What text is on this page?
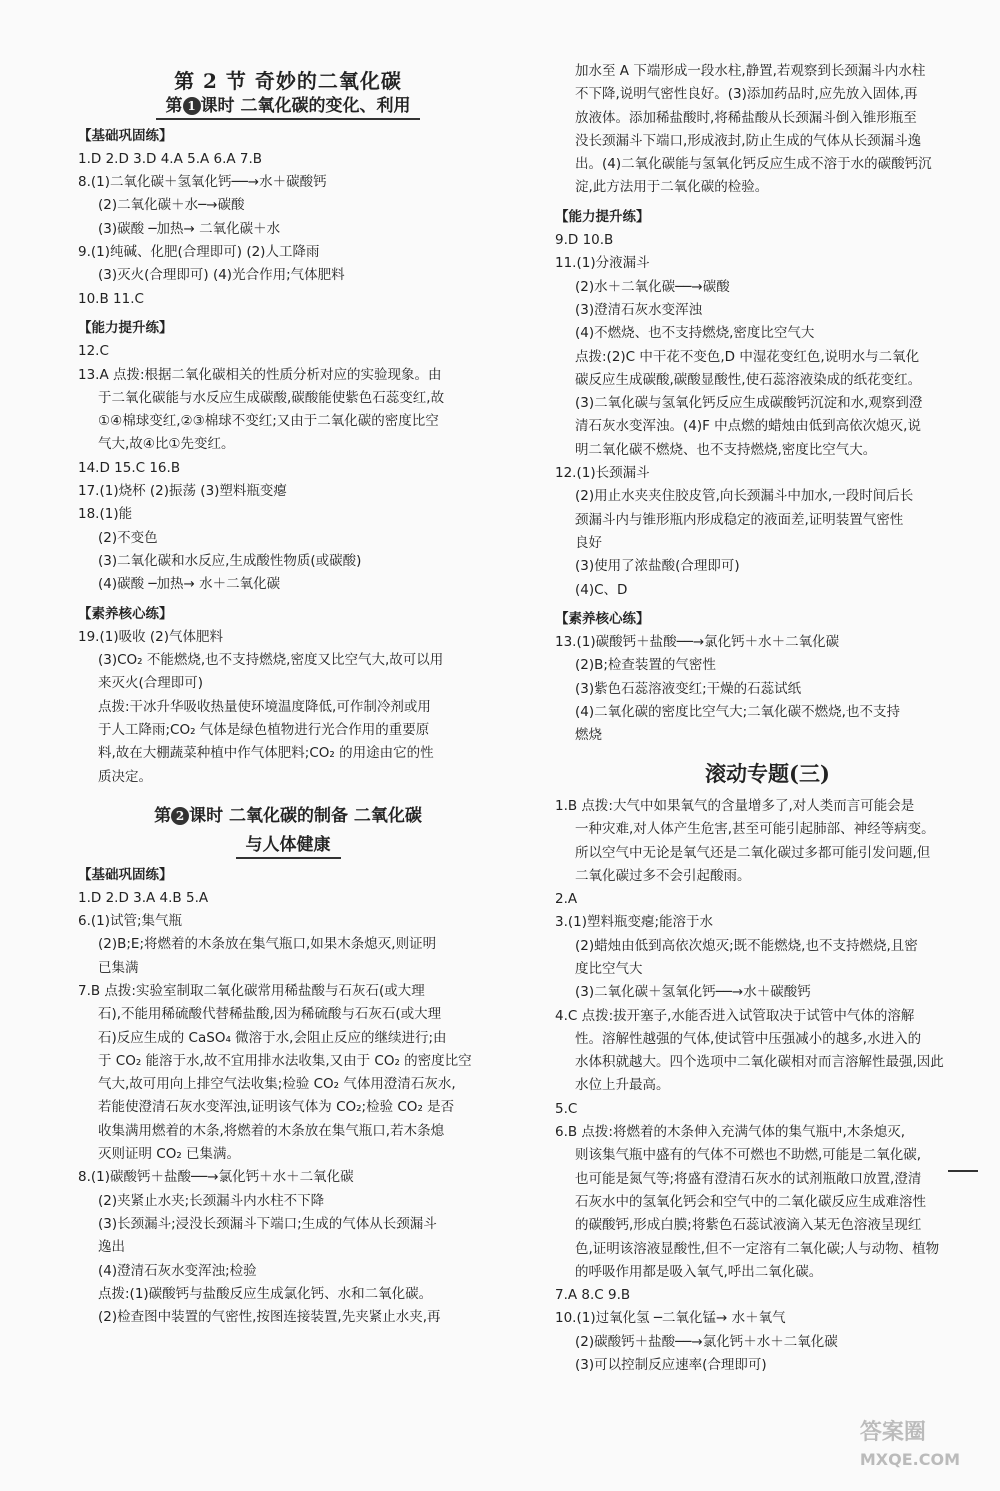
第 2 节 奇妙的二氧化碳
第 1 课时 二氧化碳的变化、利用
【基础巩固练】
1.D 2.D 3.D 4.A 5.A 6.A 7.B
8.(1)二氧化碳＋氢氧化钙──→水＋碳酸钙
(2)二氧化碳＋水─→碳酸
(3)碳酸 ─加热→ 二氧化碳＋水
9.(1)纯碱、化肥(合理即可) (2)人工降雨
(3)灭火(合理即可) (4)光合作用;气体肥料
10.B 11.C
【能力提升练】
12.C
13.A 点拨:根据二氧化碳相关的性质分析对应的实验现象。由
于二氧化碳能与水反应生成碳酸,碳酸能使紫色石蕊变红,故
①④棉球变红,②③棉球不变红;又由于二氧化碳的密度比空
气大,故④比①先变红。
14.D 15.C 16.B
17.(1)烧杯 (2)振荡 (3)塑料瓶变瘪
18.(1)能
(2)不变色
(3)二氧化碳和水反应,生成酸性物质(或碳酸)
(4)碳酸 ─加热→ 水＋二氧化碳
【素养核心练】
19.(1)吸收 (2)气体肥料
(3)CO₂ 不能燃烧,也不支持燃烧,密度又比空气大,故可以用
来灭火(合理即可)
点拨:干冰升华吸收热量使环境温度降低,可作制冷剂或用
于人工降雨;CO₂ 气体是绿色植物进行光合作用的重要原
料,故在大棚蔬菜种植中作气体肥料;CO₂ 的用途由它的性
质决定。
第 2 课时 二氧化碳的制备 二氧化碳
与人体健康
【基础巩固练】
1.D 2.D 3.A 4.B 5.A
6.(1)试管;集气瓶
(2)B;E;将燃着的木条放在集气瓶口,如果木条熄灭,则证明
已集满
7.B 点拨:实验室制取二氧化碳常用稀盐酸与石灰石(或大理
石),不能用稀硫酸代替稀盐酸,因为稀硫酸与石灰石(或大理
石)反应生成的 CaSO₄ 微溶于水,会阻止反应的继续进行;由
于 CO₂ 能溶于水,故不宜用排水法收集,又由于 CO₂ 的密度比空
气大,故可用向上排空气法收集;检验 CO₂ 气体用澄清石灰水,
若能使澄清石灰水变浑浊,证明该气体为 CO₂;检验 CO₂ 是否
收集满用燃着的木条,将燃着的木条放在集气瓶口,若木条熄
灭则证明 CO₂ 已集满。
8.(1)碳酸钙＋盐酸──→氯化钙＋水＋二氧化碳
(2)夹紧止水夹;长颈漏斗内水柱不下降
(3)长颈漏斗;浸没长颈漏斗下端口;生成的气体从长颈漏斗
逸出
(4)澄清石灰水变浑浊;检验
点拨:(1)碳酸钙与盐酸反应生成氯化钙、水和二氧化碳。
(2)检查图中装置的气密性,按图连接装置,先夹紧止水夹,再
加水至 A 下端形成一段水柱,静置,若观察到长颈漏斗内水柱
不下降,说明气密性良好。(3)添加药品时,应先放入固体,再
放液体。添加稀盐酸时,将稀盐酸从长颈漏斗倒入锥形瓶至
没长颈漏斗下端口,形成液封,防止生成的气体从长颈漏斗逸
出。(4)二氧化碳能与氢氧化钙反应生成不溶于水的碳酸钙沉
淀,此方法用于二氧化碳的检验。
【能力提升练】
9.D 10.B
11.(1)分液漏斗
(2)水＋二氧化碳──→碳酸
(3)澄清石灰水变浑浊
(4)不燃烧、也不支持燃烧,密度比空气大
点拨:(2)C 中干花不变色,D 中湿花变红色,说明水与二氧化
碳反应生成碳酸,碳酸显酸性,使石蕊溶液染成的纸花变红。
(3)二氧化碳与氢氧化钙反应生成碳酸钙沉淀和水,观察到澄
清石灰水变浑浊。(4)F 中点燃的蜡烛由低到高依次熄灭,说
明二氧化碳不燃烧、也不支持燃烧,密度比空气大。
12.(1)长颈漏斗
(2)用止水夹夹住胶皮管,向长颈漏斗中加水,一段时间后长
颈漏斗内与锥形瓶内形成稳定的液面差,证明装置气密性
良好
(3)使用了浓盐酸(合理即可)
(4)C、D
【素养核心练】
13.(1)碳酸钙＋盐酸──→氯化钙＋水＋二氧化碳
(2)B;检查装置的气密性
(3)紫色石蕊溶液变红;干燥的石蕊试纸
(4)二氧化碳的密度比空气大;二氧化碳不燃烧,也不支持
燃烧
滚动专题(三)
1.B 点拨:大气中如果氧气的含量增多了,对人类而言可能会是
一种灾难,对人体产生危害,甚至可能引起肺部、神经等病变。
所以空气中无论是氧气还是二氧化碳过多都可能引发问题,但
二氧化碳过多不会引起酸雨。
2.A
3.(1)塑料瓶变瘪;能溶于水
(2)蜡烛由低到高依次熄灭;既不能燃烧,也不支持燃烧,且密
度比空气大
(3)二氧化碳＋氢氧化钙──→水＋碳酸钙
4.C 点拨:拔开塞子,水能否进入试管取决于试管中气体的溶解
性。溶解性越强的气体,使试管中压强减小的越多,水进入的
水体积就越大。四个选项中二氧化碳相对而言溶解性最强,因此
水位上升最高。
5.C
6.B 点拨:将燃着的木条伸入充满气体的集气瓶中,木条熄灭,
则该集气瓶中盛有的气体不可燃也不助燃,可能是二氧化碳,
也可能是氮气等;将盛有澄清石灰水的试剂瓶敞口放置,澄清
石灰水中的氢氧化钙会和空气中的二氧化碳反应生成难溶性
的碳酸钙,形成白膜;将紫色石蕊试液滴入某无色溶液呈现红
色,证明该溶液显酸性,但不一定溶有二氧化碳;人与动物、植物
的呼吸作用都是吸入氧气,呼出二氧化碳。
7.A 8.C 9.B
10.(1)过氧化氢 ─二氧化锰→ 水＋氧气
(2)碳酸钙＋盐酸──→氯化钙＋水＋二氧化碳
(3)可以控制反应速率(合理即可)
答案圈
MXQE.COM
